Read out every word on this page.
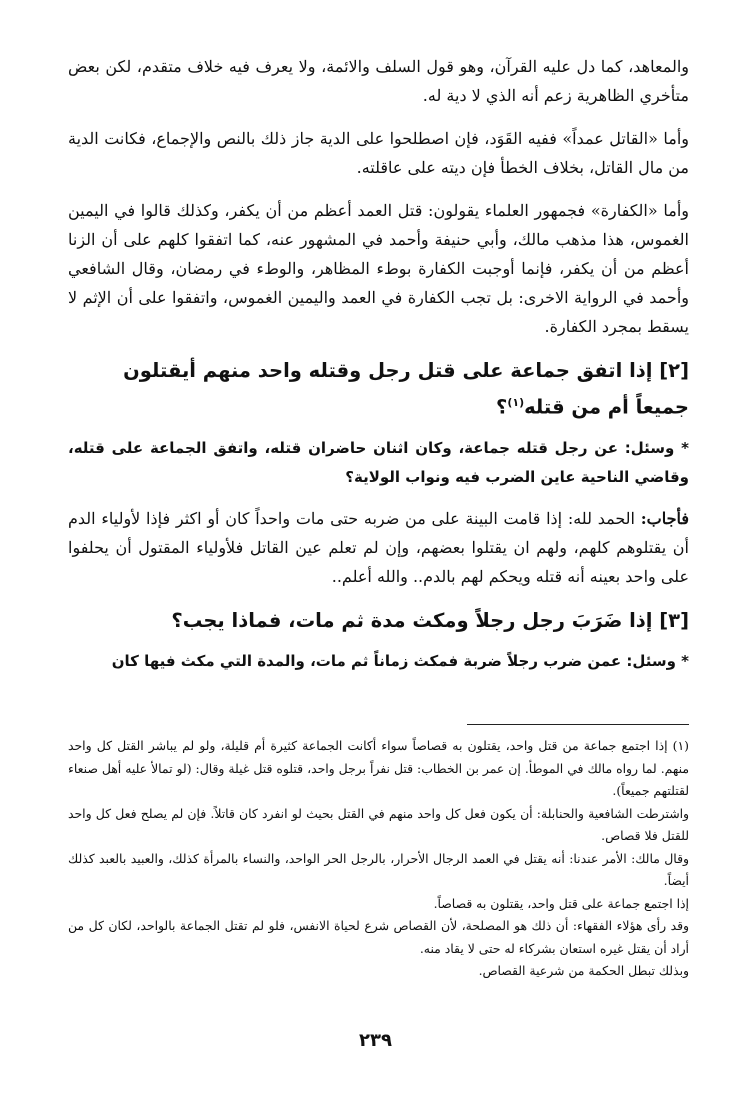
والمعاهد، كما دل عليه القرآن، وهو قول السلف والائمة، ولا يعرف فيه خلاف متقدم، لكن بعض متأخري الظاهرية زعم أنه الذي لا دية له.

وأما «القاتل عمداً» ففيه القَوَد، فإن اصطلحوا على الدية جاز ذلك بالنص والإجماع، فكانت الدية من مال القاتل، بخلاف الخطأ فإن ديته على عاقلته.

وأما «الكفارة» فجمهور العلماء يقولون: قتل العمد أعظم من أن يكفر، وكذلك قالوا في اليمين الغموس، هذا مذهب مالك، وأبي حنيفة وأحمد في المشهور عنه، كما اتفقوا كلهم على أن الزنا أعظم من أن يكفر، فإنما أوجبت الكفارة بوطء المظاهر، والوطء في رمضان، وقال الشافعي وأحمد في الرواية الاخرى: بل تجب الكفارة في العمد واليمين الغموس، واتفقوا على أن الإثم لا يسقط بمجرد الكفارة.

[٢] إذا اتفق جماعة على قتل رجل وقتله واحد منهم أيقتلون جميعاً أم من قتله$^{(١)}$؟

* وسئل: عن رجل قتله جماعة، وكان اثنان حاضران قتله، واتفق الجماعة على قتله، وقاضي الناحية عاين الضرب فيه ونواب الولاية؟

فأجاب: الحمد لله: إذا قامت البينة على من ضربه حتى مات واحداً كان أو اكثر فإذا لأولياء الدم أن يقتلوهم كلهم، ولهم ان يقتلوا بعضهم، وإن لم تعلم عين القاتل فلأولياء المقتول أن يحلفوا على واحد بعينه أنه قتله ويحكم لهم بالدم.. والله أعلم..

[٣] إذا ضَرَبَ رجل رجلاً ومكث مدة ثم مات، فماذا يجب؟

* وسئل: عمن ضرب رجلاً ضربة فمكث زماناً ثم مات، والمدة التي مكث فيها كان

(١) إذا اجتمع جماعة من قتل واحد، يقتلون به قصاصاً سواء أكانت الجماعة كثيرة أم قليلة، ولو لم يباشر القتل كل واحد منهم. لما رواه مالك في الموطأ. إن عمر بن الخطاب: قتل نفراً برجل واحد، قتلوه قتل غيلة وقال: (لو تمالأ عليه أهل صنعاء لقتلتهم جميعاً).

واشترطت الشافعية والحنابلة: أن يكون فعل كل واحد منهم في القتل بحيث لو انفرد كان قاتلاً. فإن لم يصلح فعل كل واحد للقتل فلا قصاص.

وقال مالك: الأمر عندنا: أنه يقتل في العمد الرجال الأحرار، بالرجل الحر الواحد، والنساء بالمرأة كذلك، والعبيد بالعبد كذلك أيضاً.

إذا اجتمع جماعة على قتل واحد، يقتلون به قصاصاً.

وقد رأى هؤلاء الفقهاء: أن ذلك هو المصلحة، لأن القصاص شرع لحياة الانفس، فلو لم تقتل الجماعة بالواحد، لكان كل من أراد أن يقتل غيره استعان بشركاء له حتى لا يقاد منه.

وبذلك تبطل الحكمة من شرعية القصاص.

٢٣٩
